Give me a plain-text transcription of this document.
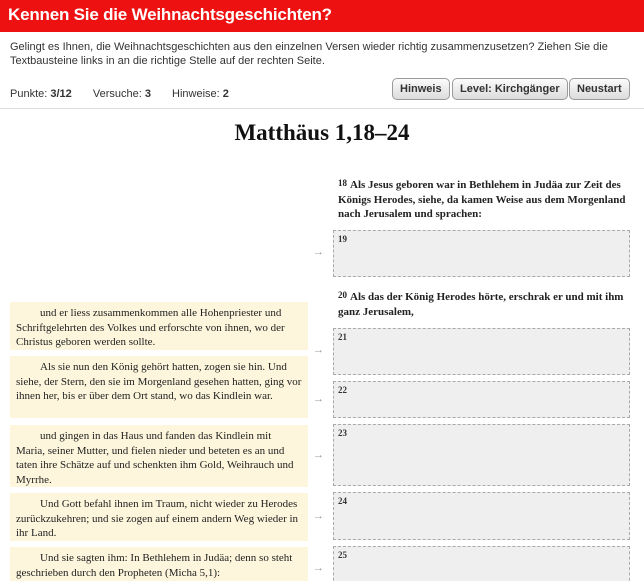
Kennen Sie die Weihnachtsgeschichten?

Gelingt es Ihnen, die Weihnachtsgeschichten aus den einzelnen Versen wieder richtig zusammenzusetzen? Ziehen Sie die Textbausteine links in an die richtige Stelle auf der rechten Seite.

Punkte: 3/12 Versuche: 3 Hinweise: 2	Hinweis	Level: Kirchgänger	Neustart
Matthäus 1,18–24
$^{18}$ Als Jesus geboren war in Bethlehem in Judäa zur Zeit des Königs Herodes, siehe, da kamen Weise aus dem Morgenland nach Jerusalem und sprachen:
$^{20}$ Als das der König Herodes hörte, erschrak er und mit ihm ganz Jerusalem,
19
21
22
23
24
25
→
→
→
→
→
→
und er liess zusammenkommen alle Hohenpriester und Schriftgelehrten des Volkes und erforschte von ihnen, wo der Christus geboren werden sollte.
Als sie nun den König gehört hatten, zogen sie hin. Und siehe, der Stern, den sie im Morgenland gesehen hatten, ging vor ihnen her, bis er über dem Ort stand, wo das Kindlein war.
und gingen in das Haus und fanden das Kindlein mit Maria, seiner Mutter, und fielen nieder und beteten es an und taten ihre Schätze auf und schenkten ihm Gold, Weihrauch und Myrrhe.
Und Gott befahl ihnen im Traum, nicht wieder zu Herodes zurückzukehren; und sie zogen auf einem andern Weg wieder in ihr Land.
Und sie sagten ihm: In Bethlehem in Judäa; denn so steht geschrieben durch den Propheten (Micha 5,1):
